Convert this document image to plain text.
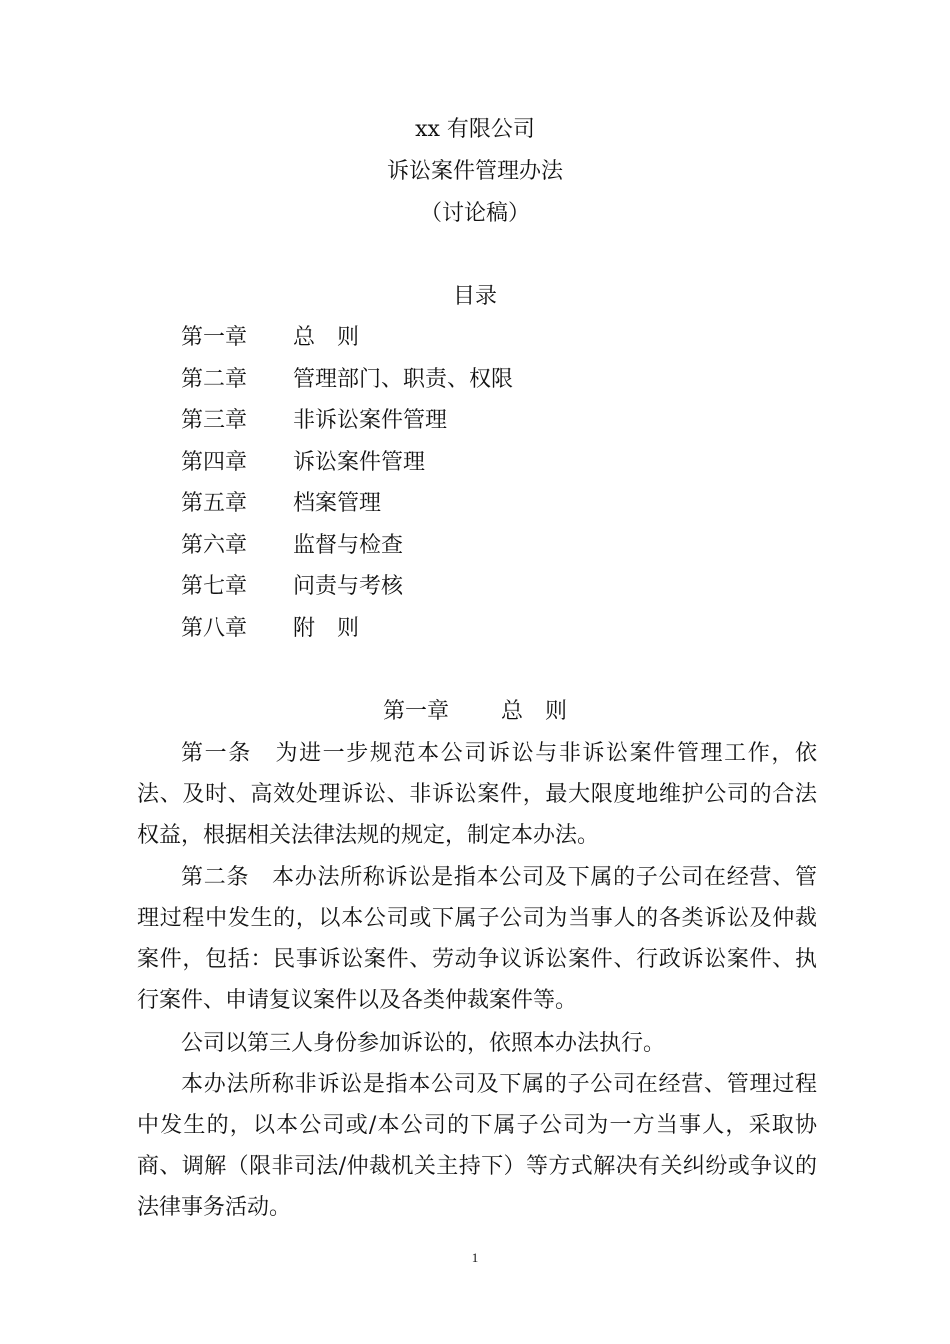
xx 有限公司
诉讼案件管理办法
（讨论稿）
目录
第一章 总　则
第二章 管理部门、职责、权限
第三章 非诉讼案件管理
第四章 诉讼案件管理
第五章 档案管理
第六章 监督与检查
第七章 问责与考核
第八章 附　则
第一章 总　则
第一条 为进一步规范本公司诉讼与非诉讼案件管理工作，依法、及时、高效处理诉讼、非诉讼案件，最大限度地维护公司的合法权益，根据相关法律法规的规定，制定本办法。
第二条 本办法所称诉讼是指本公司及下属的子公司在经营、管理过程中发生的，以本公司或下属子公司为当事人的各类诉讼及仲裁案件，包括：民事诉讼案件、劳动争议诉讼案件、行政诉讼案件、执行案件、申请复议案件以及各类仲裁案件等。
公司以第三人身份参加诉讼的，依照本办法执行。
本办法所称非诉讼是指本公司及下属的子公司在经营、管理过程中发生的，以本公司或/本公司的下属子公司为一方当事人，采取协商、调解（限非司法/仲裁机关主持下）等方式解决有关纠纷或争议的法律事务活动。
1
